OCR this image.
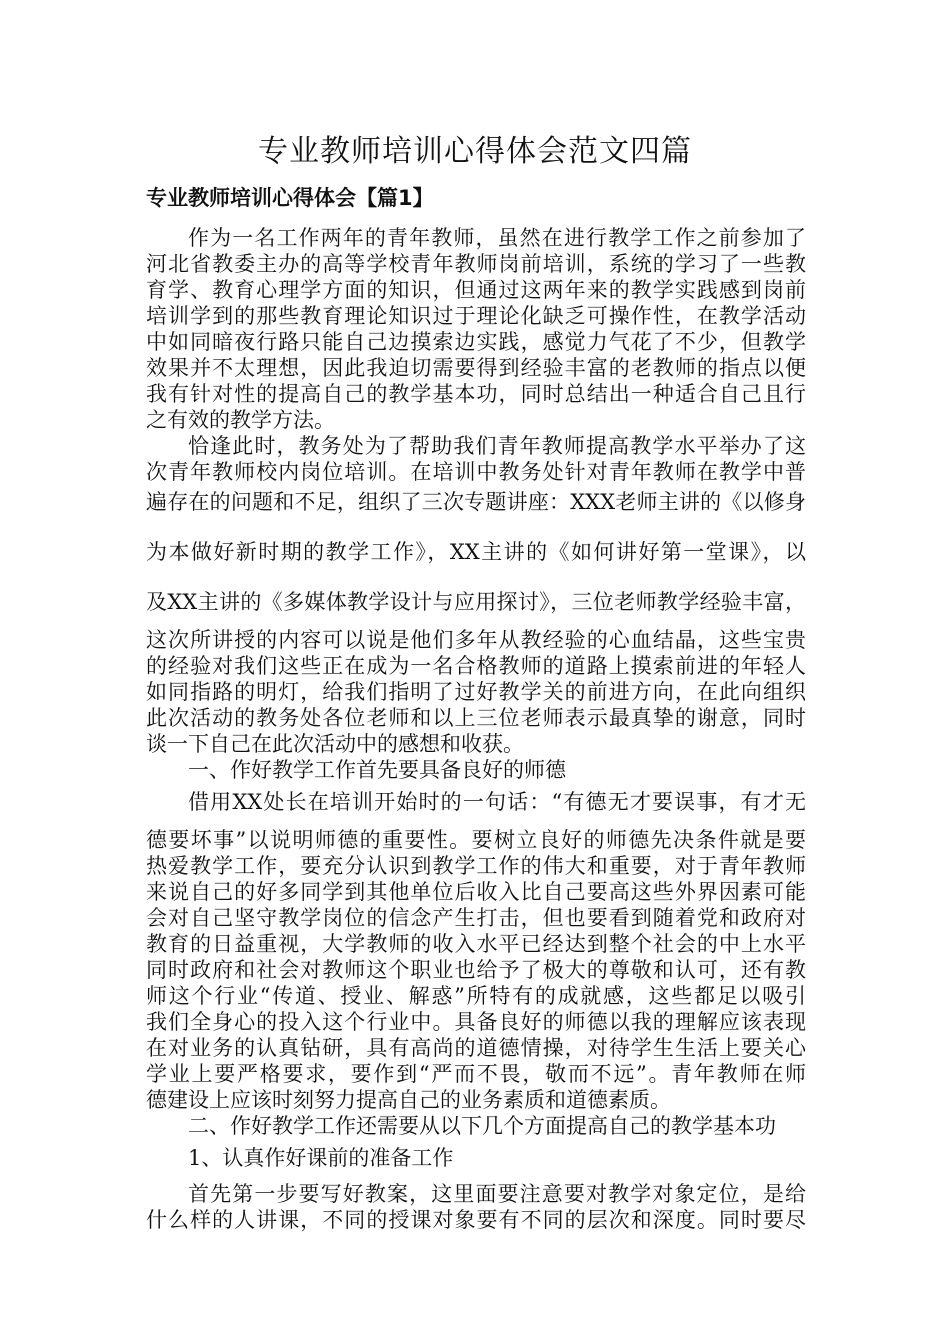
专业教师培训心得体会范文四篇
专业教师培训心得体会【篇1】
作为一名工作两年的青年教师，虽然在进行教学工作之前参加了
河北省教委主办的高等学校青年教师岗前培训，系统的学习了一些教
育学、教育心理学方面的知识，但通过这两年来的教学实践感到岗前
培训学到的那些教育理论知识过于理论化缺乏可操作性，在教学活动
中如同暗夜行路只能自己边摸索边实践，感觉力气花了不少，但教学
效果并不太理想，因此我迫切需要得到经验丰富的老教师的指点以便
我有针对性的提高自己的教学基本功，同时总结出一种适合自己且行
之有效的教学方法。
恰逢此时，教务处为了帮助我们青年教师提高教学水平举办了这
次青年教师校内岗位培训。在培训中教务处针对青年教师在教学中普
遍存在的问题和不足，组织了三次专题讲座：XXX老师主讲的《以修身
为本做好新时期的教学工作》，XX主讲的《如何讲好第一堂课》，以
及XX主讲的《多媒体教学设计与应用探讨》，三位老师教学经验丰富，
这次所讲授的内容可以说是他们多年从教经验的心血结晶，这些宝贵
的经验对我们这些正在成为一名合格教师的道路上摸索前进的年轻人
如同指路的明灯，给我们指明了过好教学关的前进方向，在此向组织
此次活动的教务处各位老师和以上三位老师表示最真挚的谢意，同时
谈一下自己在此次活动中的感想和收获。
一、作好教学工作首先要具备良好的师德
借用XX处长在培训开始时的一句话：“有德无才要误事，有才无
德要坏事”以说明师德的重要性。要树立良好的师德先决条件就是要
热爱教学工作，要充分认识到教学工作的伟大和重要，对于青年教师
来说自己的好多同学到其他单位后收入比自己要高这些外界因素可能
会对自己坚守教学岗位的信念产生打击，但也要看到随着党和政府对
教育的日益重视，大学教师的收入水平已经达到整个社会的中上水平
同时政府和社会对教师这个职业也给予了极大的尊敬和认可，还有教
师这个行业“传道、授业、解惑”所特有的成就感，这些都足以吸引
我们全身心的投入这个行业中。具备良好的师德以我的理解应该表现
在对业务的认真钻研，具有高尚的道德情操，对待学生生活上要关心
学业上要严格要求，要作到“严而不畏，敬而不远”。青年教师在师
德建设上应该时刻努力提高自己的业务素质和道德素质。
二、作好教学工作还需要从以下几个方面提高自己的教学基本功
1、认真作好课前的准备工作
首先第一步要写好教案，这里面要注意要对教学对象定位，是给
什么样的人讲课，不同的授课对象要有不同的层次和深度。同时要尽
